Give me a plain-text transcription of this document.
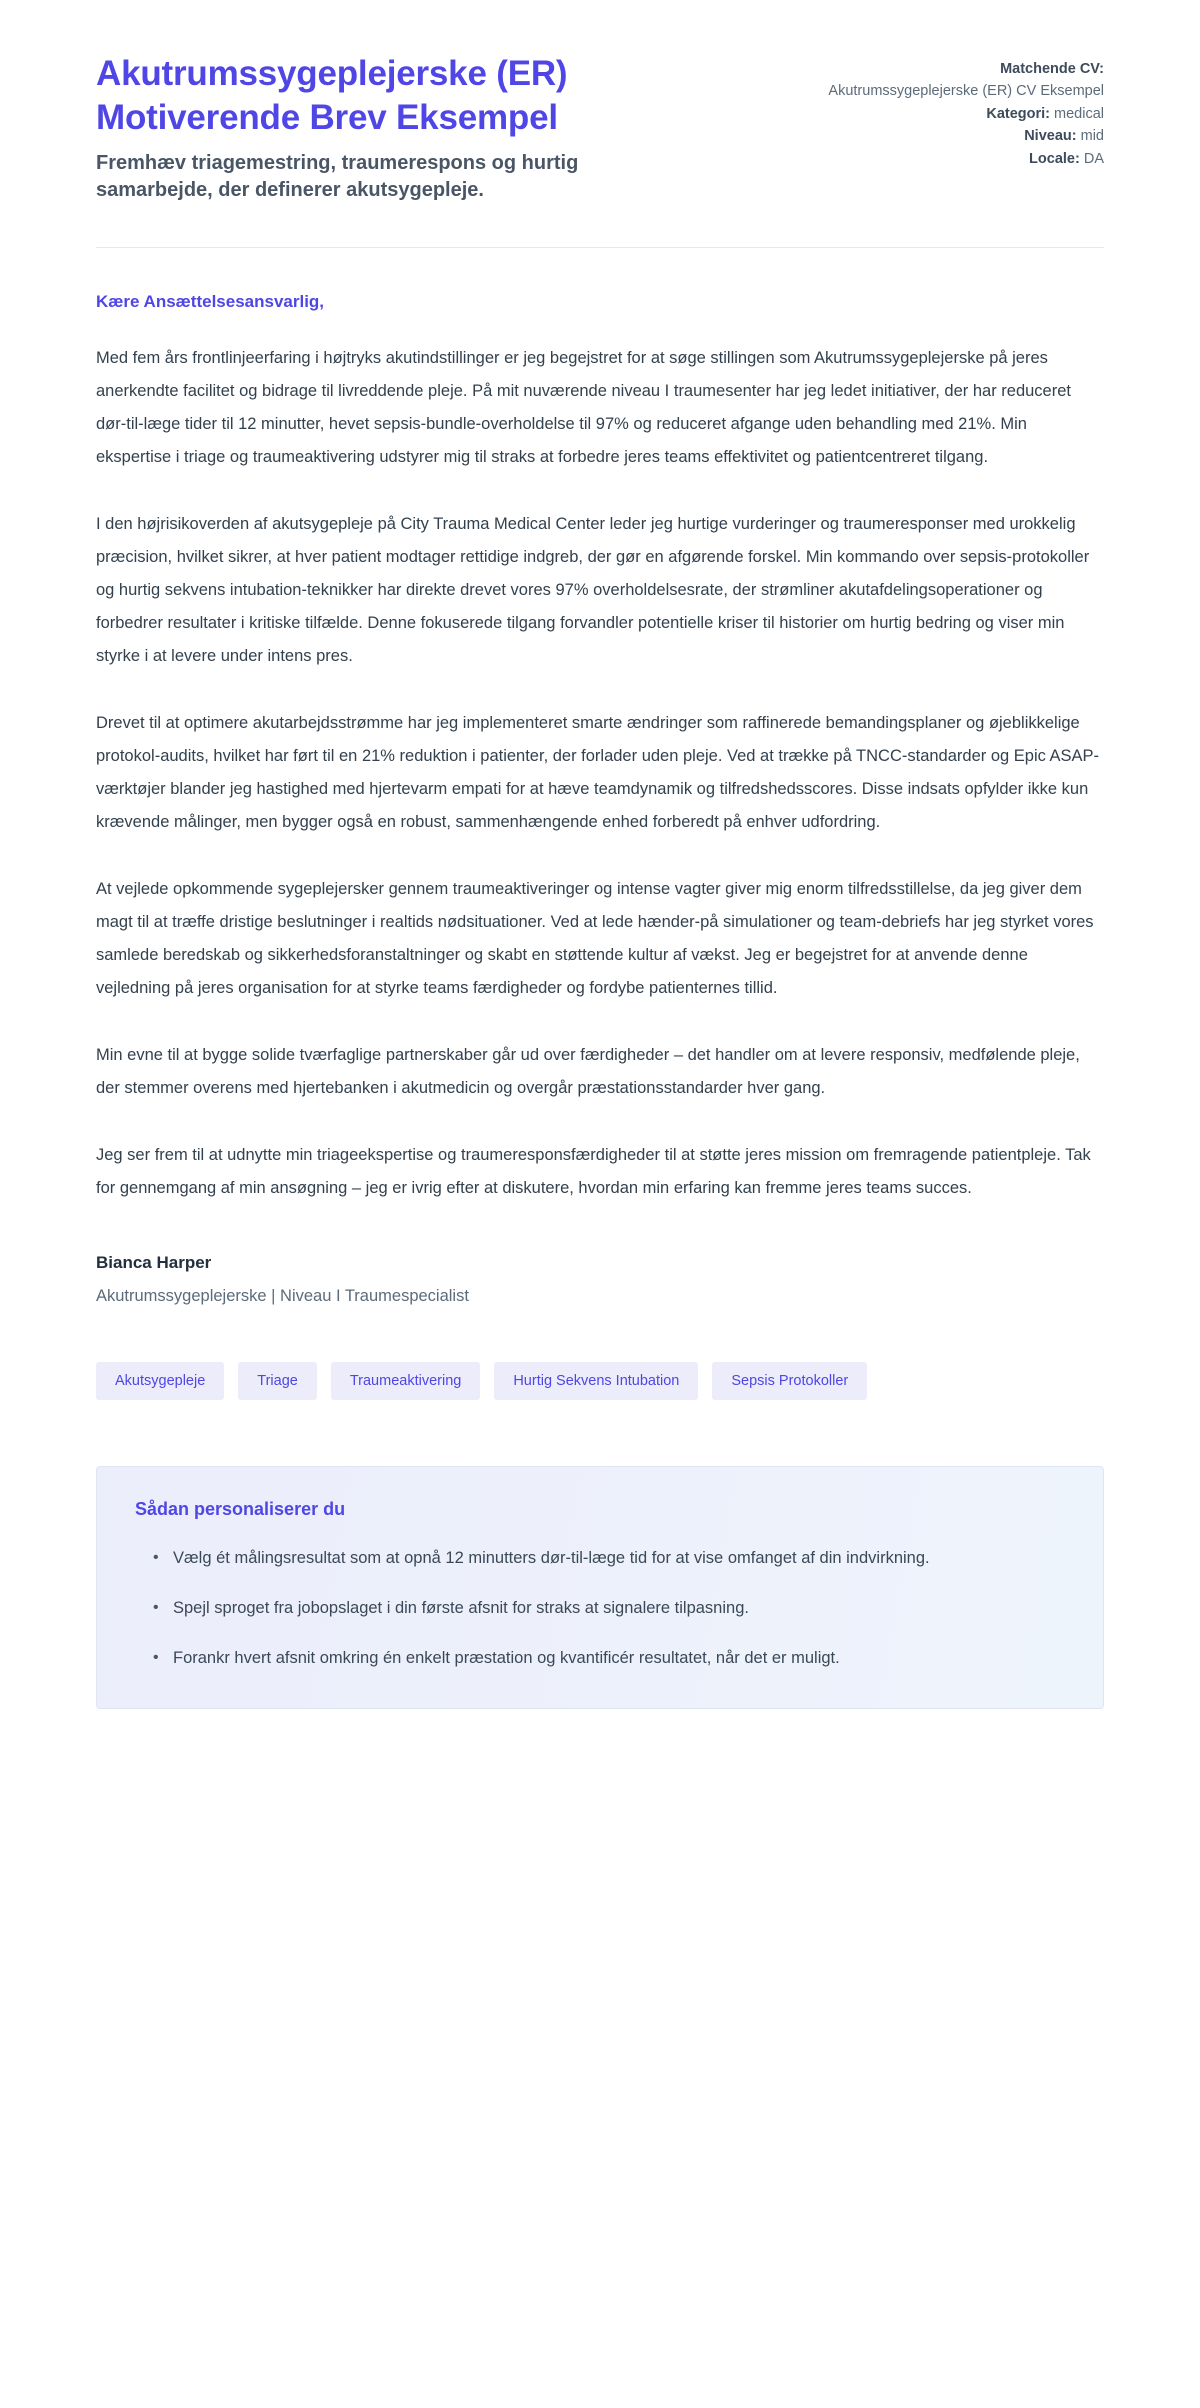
Akutrumssygeplejerske (ER) Motiverende Brev Eksempel

Fremhæv triagemestring, traumerespons og hurtig samarbejde, der definerer akutsygepleje.

Matchende CV:
Akutrumssygeplejerske (ER) CV Eksempel
Kategori: medical
Niveau: mid
Locale: DA

Kære Ansættelsesansvarlig,

Med fem års frontlinjeerfaring i højtryks akutindstillinger er jeg begejstret for at søge stillingen som Akutrumssygeplejerske på jeres anerkendte facilitet og bidrage til livreddende pleje. På mit nuværende niveau I traumesenter har jeg ledet initiativer, der har reduceret dør-til-læge tider til 12 minutter, hevet sepsis-bundle-overholdelse til 97% og reduceret afgange uden behandling med 21%. Min ekspertise i triage og traumeaktivering udstyrer mig til straks at forbedre jeres teams effektivitet og patientcentreret tilgang.

I den højrisikoverden af akutsygepleje på City Trauma Medical Center leder jeg hurtige vurderinger og traumeresponser med urokkelig præcision, hvilket sikrer, at hver patient modtager rettidige indgreb, der gør en afgørende forskel. Min kommando over sepsis-protokoller og hurtig sekvens intubation-teknikker har direkte drevet vores 97% overholdelsesrate, der strømliner akutafdelingsoperationer og forbedrer resultater i kritiske tilfælde. Denne fokuserede tilgang forvandler potentielle kriser til historier om hurtig bedring og viser min styrke i at levere under intens pres.

Drevet til at optimere akutarbejdsstrømme har jeg implementeret smarte ændringer som raffinerede bemandingsplaner og øjeblikkelige protokol-audits, hvilket har ført til en 21% reduktion i patienter, der forlader uden pleje. Ved at trække på TNCC-standarder og Epic ASAP-værktøjer blander jeg hastighed med hjertevarm empati for at hæve teamdynamik og tilfredshedsscores. Disse indsats opfylder ikke kun krævende målinger, men bygger også en robust, sammenhængende enhed forberedt på enhver udfordring.

At vejlede opkommende sygeplejersker gennem traumeaktiveringer og intense vagter giver mig enorm tilfredsstillelse, da jeg giver dem magt til at træffe dristige beslutninger i realtids nødsituationer. Ved at lede hænder-på simulationer og team-debriefs har jeg styrket vores samlede beredskab og sikkerhedsforanstaltninger og skabt en støttende kultur af vækst. Jeg er begejstret for at anvende denne vejledning på jeres organisation for at styrke teams færdigheder og fordybe patienternes tillid.

Min evne til at bygge solide tværfaglige partnerskaber går ud over færdigheder – det handler om at levere responsiv, medfølende pleje, der stemmer overens med hjertebanken i akutmedicin og overgår præstationsstandarder hver gang.

Jeg ser frem til at udnytte min triageekspertise og traumeresponsfærdigheder til at støtte jeres mission om fremragende patientpleje. Tak for gennemgang af min ansøgning – jeg er ivrig efter at diskutere, hvordan min erfaring kan fremme jeres teams succes.

Bianca Harper

Akutrumssygeplejerske | Niveau I Traumespecialist

Akutsygepleje	Triage	Traumeaktivering	Hurtig Sekvens Intubation	Sepsis Protokoller
Sådan personaliserer du
• Vælg ét målingsresultat som at opnå 12 minutters dør-til-læge tid for at vise omfanget af din indvirkning.
• Spejl sproget fra jobopslaget i din første afsnit for straks at signalere tilpasning.
• Forankr hvert afsnit omkring én enkelt præstation og kvantificér resultatet, når det er muligt.
